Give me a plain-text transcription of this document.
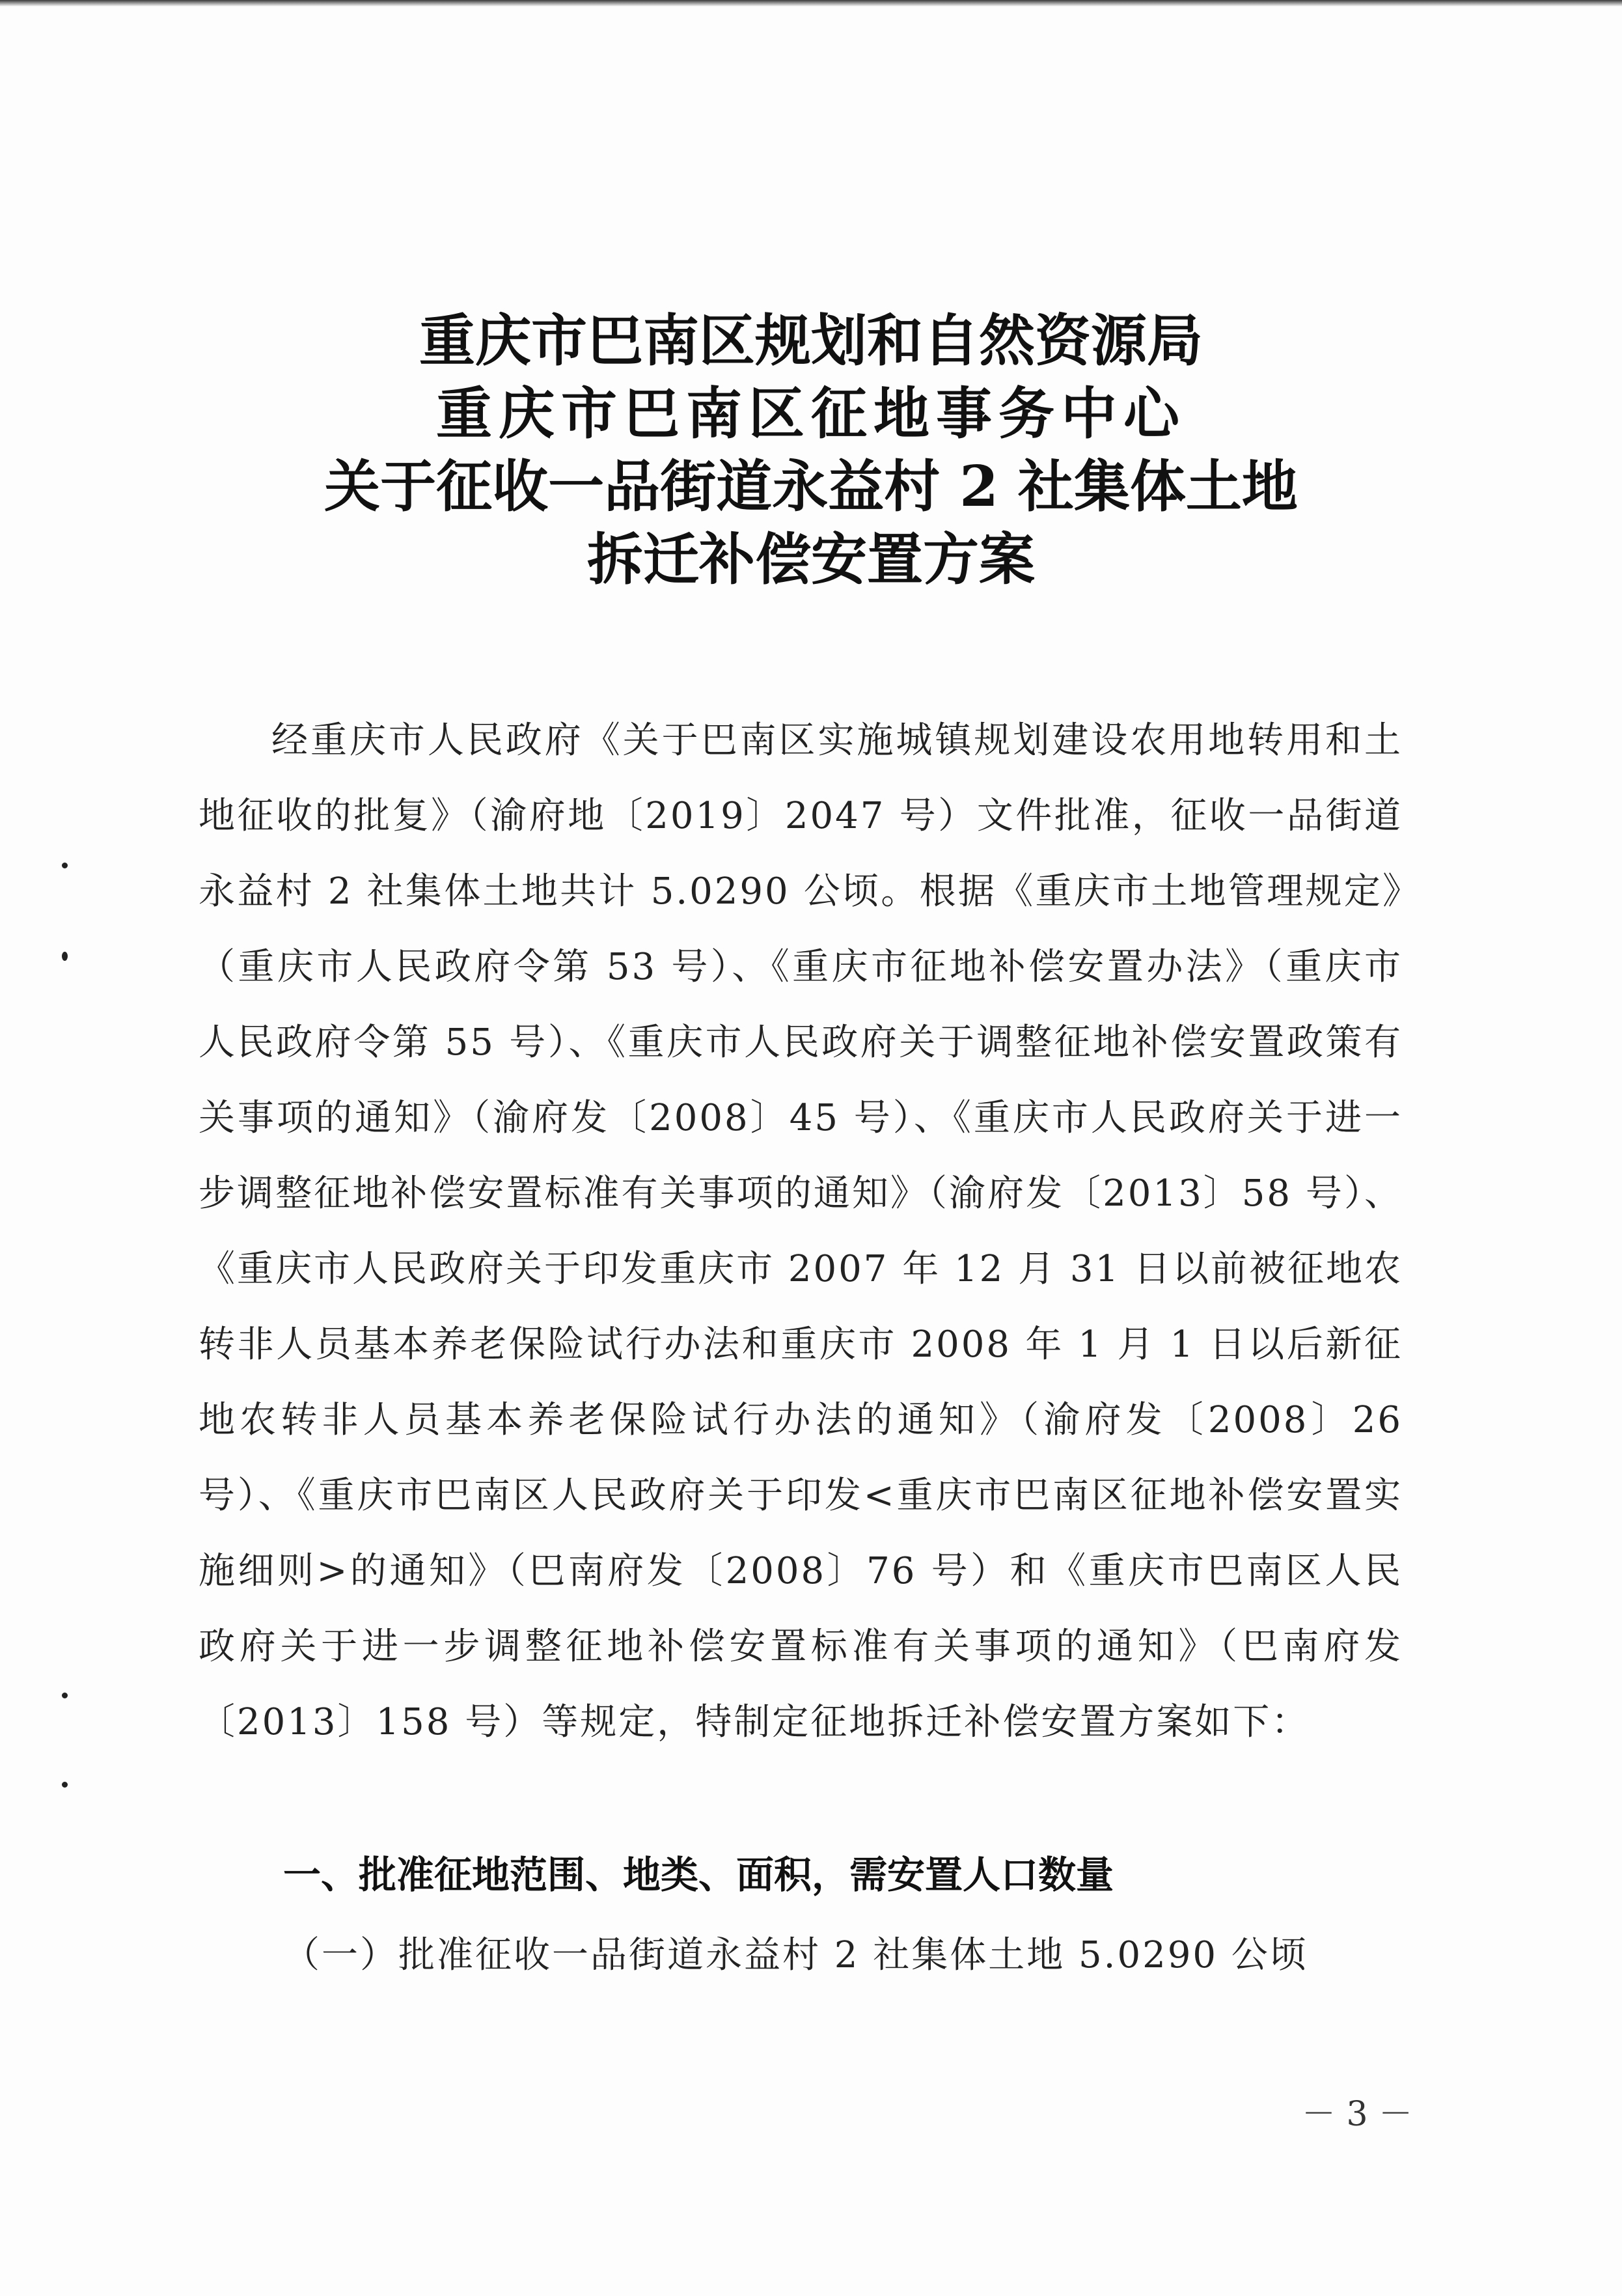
重庆市巴南区规划和自然资源局
重庆市巴南区征地事务中心
关于征收一品街道永益村 2 社集体土地
拆迁补偿安置方案

经重庆市人民政府《关于巴南区实施城镇规划建设农用地转用和土地征收的批复》（渝府地〔2019〕2047 号）文件批准，征收一品街道永益村 2 社集体土地共计 5.0290 公顷。根据《重庆市土地管理规定》（重庆市人民政府令第 53 号）、《重庆市征地补偿安置办法》（重庆市人民政府令第 55 号）、《重庆市人民政府关于调整征地补偿安置政策有关事项的通知》（渝府发〔2008〕45 号）、《重庆市人民政府关于进一步调整征地补偿安置标准有关事项的通知》（渝府发〔2013〕58 号）、《重庆市人民政府关于印发重庆市 2007 年 12 月 31 日以前被征地农转非人员基本养老保险试行办法和重庆市 2008 年 1 月 1 日以后新征地农转非人员基本养老保险试行办法的通知》（渝府发〔2008〕26 号）、《重庆市巴南区人民政府关于印发<重庆市巴南区征地补偿安置实施细则>的通知》（巴南府发〔2008〕76 号）和《重庆市巴南区人民政府关于进一步调整征地补偿安置标准有关事项的通知》（巴南府发〔2013〕158 号）等规定，特制定征地拆迁补偿安置方案如下：

一、批准征地范围、地类、面积，需安置人口数量
（一）批准征收一品街道永益村 2 社集体土地 5.0290 公顷
－ 3 －
